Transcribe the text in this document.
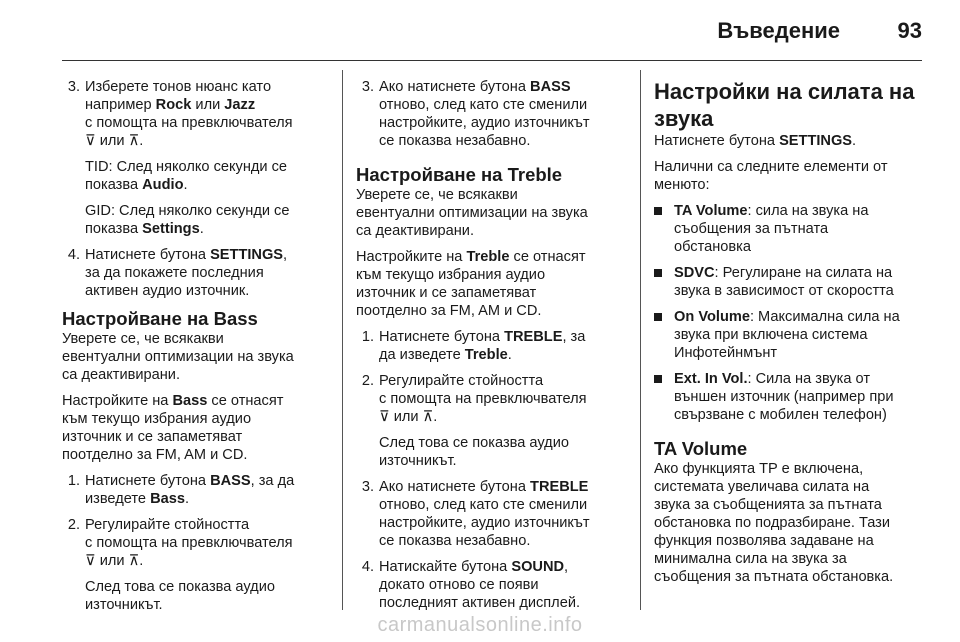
Въведение	93
3. Изберете тонов нюанс като
например Rock или Jazz
с помощта на превключвателя
⊽ или ⊼.

TID: След няколко секунди се
показва Audio.

GID: След няколко секунди се
показва Settings.

4. Натиснете бутона SETTINGS,
за да покажете последния
активен аудио източник.

Настройване на Bass
Уверете се, че всякакви
евентуални оптимизации на звука
са деактивирани.
Настройките на Bass се отнасят
към текущо избрания аудио
източник и се запаметяват
поотделно за FM, AM и CD.
1. Натиснете бутона BASS, за да
изведете Bass.

2. Регулирайте стойността
с помощта на превключвателя
⊽ или ⊼.

След това се показва аудио
източникът.

3. Ако натиснете бутона BASS
отново, след като сте сменили
настройките, аудио източникът
се показва незабавно.

Настройване на Treble
Уверете се, че всякакви
евентуални оптимизации на звука
са деактивирани.
Настройките на Treble се отнасят
към текущо избрания аудио
източник и се запаметяват
поотделно за FM, AM и CD.
1. Натиснете бутона TREBLE, за
да изведете Treble.

2. Регулирайте стойността
с помощта на превключвателя
⊽ или ⊼.

След това се показва аудио
източникът.

3. Ако натиснете бутона TREBLE
отново, след като сте сменили
настройките, аудио източникът
се показва незабавно.

4. Натискайте бутона SOUND,
докато отново се появи
последният активен дисплей.

Настройки на силата на
звука
Натиснете бутона SETTINGS.
Налични са следните елементи от
менюто:
TA Volume: сила на звука на
съобщения за пътната
обстановка
SDVC: Регулиране на силата на
звука в зависимост от скоростта
On Volume: Максимална сила на
звука при включена система
Инфотейнмънт
Ext. In Vol.: Сила на звука от
външен източник (например при
свързване с мобилен телефон)
TA Volume
Ако функцията TP е включена,
системата увеличава силата на
звука за съобщенията за пътната
обстановка по подразбиране. Тази
функция позволява задаване на
минимална сила на звука за
съобщения за пътната обстановка.
carmanualsonline.info
